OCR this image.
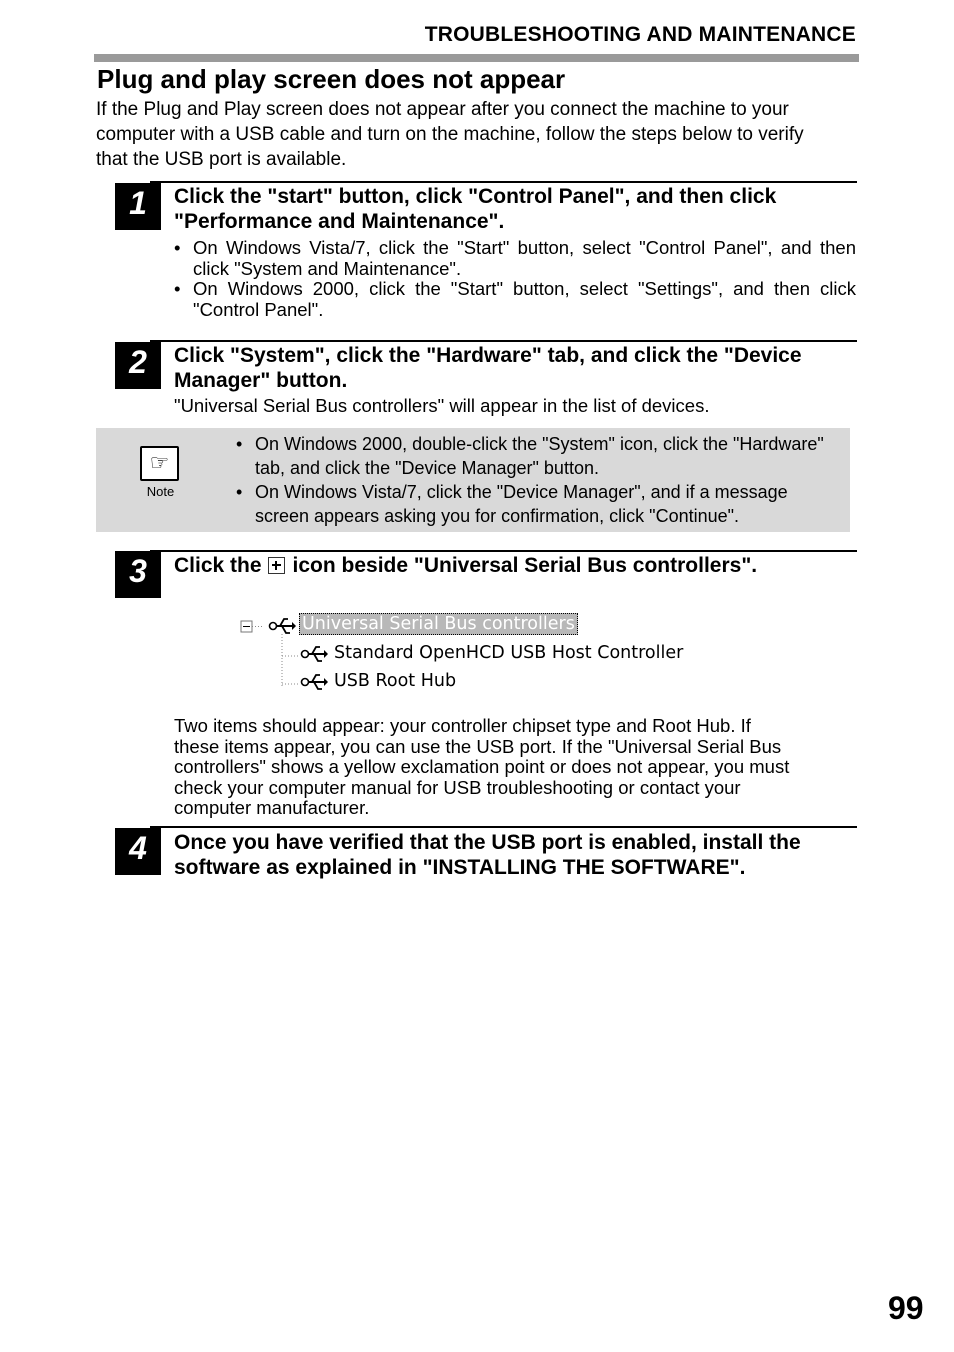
TROUBLESHOOTING AND MAINTENANCE
Plug and play screen does not appear
If the Plug and Play screen does not appear after you connect the machine to your
computer with a USB cable and turn on the machine, follow the steps below to verify
that the USB port is available.
1	Click the "start" button, click "Control Panel", and then click
"Performance and Maintenance".
• On Windows Vista/7, click the "Start" button, select "Control Panel", and then click "System and Maintenance".
• On Windows 2000, click the "Start" button, select "Settings", and then click "Control Panel".
2	Click "System", click the "Hardware" tab, and click the "Device
Manager" button.
"Universal Serial Bus controllers" will appear in the list of devices.
☞
Note
• On Windows 2000, double-click the "System" icon, click the "Hardware" tab, and click the "Device Manager" button.
• On Windows Vista/7, click the "Device Manager", and if a message screen appears asking you for confirmation, click "Continue".
3	Click the icon beside "Universal Serial Bus controllers".
Universal Serial Bus controllers
Standard OpenHCD USB Host Controller
USB Root Hub
Two items should appear: your controller chipset type and Root Hub. If
these items appear, you can use the USB port. If the "Universal Serial Bus
controllers" shows a yellow exclamation point or does not appear, you must
check your computer manual for USB troubleshooting or contact your
computer manufacturer.
4	Once you have verified that the USB port is enabled, install the
software as explained in "INSTALLING THE SOFTWARE".
99
